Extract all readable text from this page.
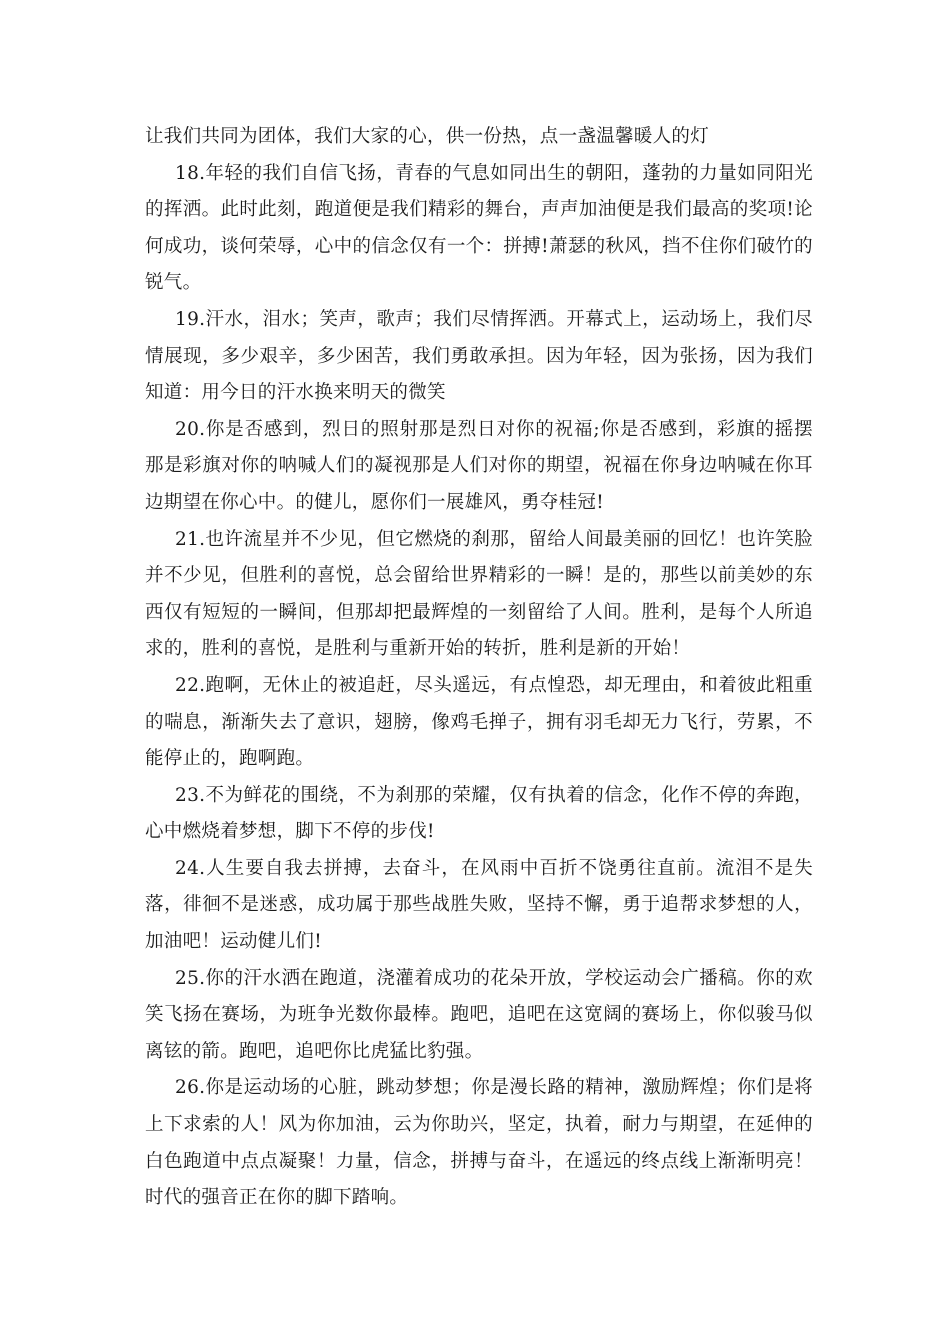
让我们共同为团体，我们大家的心，供一份热，点一盏温馨暖人的灯

18.年轻的我们自信飞扬，青春的气息如同出生的朝阳，蓬勃的力量如同阳光的挥洒。此时此刻，跑道便是我们精彩的舞台，声声加油便是我们最高的奖项!论何成功，谈何荣辱，心中的信念仅有一个：拼搏!萧瑟的秋风，挡不住你们破竹的锐气。

19.汗水，泪水；笑声，歌声；我们尽情挥洒。开幕式上，运动场上，我们尽情展现，多少艰辛，多少困苦，我们勇敢承担。因为年轻，因为张扬，因为我们知道：用今日的汗水换来明天的微笑

20.你是否感到，烈日的照射那是烈日对你的祝福;你是否感到，彩旗的摇摆那是彩旗对你的呐喊人们的凝视那是人们对你的期望，祝福在你身边呐喊在你耳边期望在你心中。的健儿，愿你们一展雄风，勇夺桂冠!

21.也许流星并不少见，但它燃烧的刹那，留给人间最美丽的回忆！也许笑脸并不少见，但胜利的喜悦，总会留给世界精彩的一瞬！是的，那些以前美妙的东西仅有短短的一瞬间，但那却把最辉煌的一刻留给了人间。胜利，是每个人所追求的，胜利的喜悦，是胜利与重新开始的转折，胜利是新的开始！

22.跑啊，无休止的被追赶，尽头遥远，有点惶恐，却无理由，和着彼此粗重的喘息，渐渐失去了意识，翅膀，像鸡毛掸子，拥有羽毛却无力飞行，劳累，不能停止的，跑啊跑。

23.不为鲜花的围绕，不为刹那的荣耀，仅有执着的信念，化作不停的奔跑，心中燃烧着梦想，脚下不停的步伐!

24.人生要自我去拼搏，去奋斗，在风雨中百折不饶勇往直前。流泪不是失落，徘徊不是迷惑，成功属于那些战胜失败，坚持不懈，勇于追帮求梦想的人，加油吧！运动健儿们!

25.你的汗水洒在跑道，浇灌着成功的花朵开放，学校运动会广播稿。你的欢笑飞扬在赛场，为班争光数你最棒。跑吧，追吧在这宽阔的赛场上，你似骏马似离铉的箭。跑吧，追吧你比虎猛比豹强。

26.你是运动场的心脏，跳动梦想；你是漫长路的精神，激励辉煌；你们是将上下求索的人！风为你加油，云为你助兴，坚定，执着，耐力与期望，在延伸的白色跑道中点点凝聚！力量，信念，拼搏与奋斗，在遥远的终点线上渐渐明亮！时代的强音正在你的脚下踏响。
